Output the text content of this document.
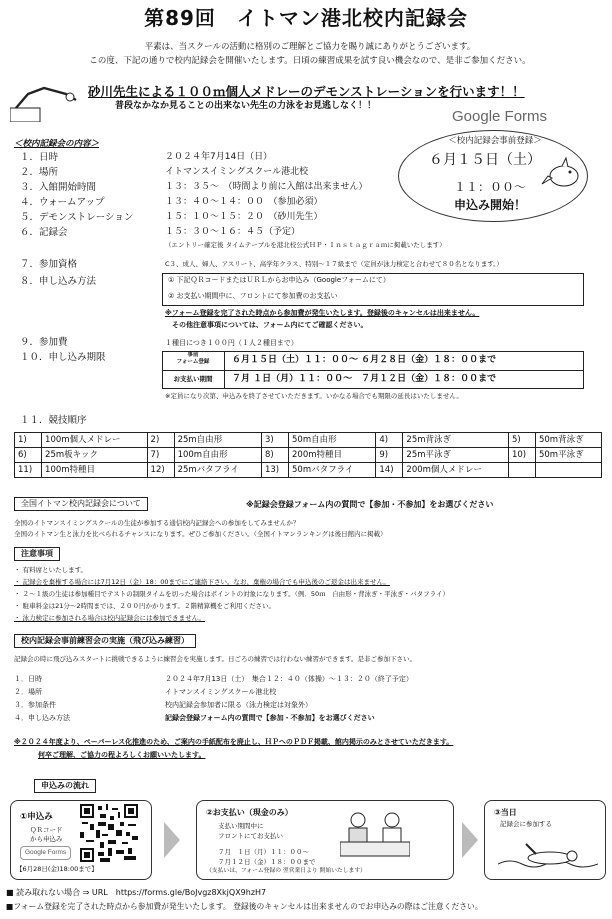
第89回　イトマン港北校内記録会
平素は、当スクールの活動に格別のご理解とご協力を賜り誠にありがとうございます。
この度、下記の通りで校内記録会を開催いたします。日頃の練習成果を試す良い機会なので、是非ご参加ください。
砂川先生による１００ｍ個人メドレーのデモンストレーションを行います！！
普段なかなか見ることの出来ない先生の力泳をお見逃しなく！！
Google Forms
＜校内記録会事前登録＞
６月１５日（土）
１１：００～
申込み開始！
＜校内記録会の内容＞
１．日時	２０２４年7月14日（日）
２．場所	イトマンスイミングスクール港北校
３．入館開始時間	１３：３５～　（時間より前に入館は出来ません）
４．ウォームアップ	１３：４０～１４：００　（参加必須）
５．デモンストレーション	１５：１０～１５：２０　（砂川先生）
６．記録会	１５：３０～１６：４５（予定）
（エントリー確定後 タイムテーブルを港北校公式ＨＰ・Ｉｎｓｔａｇｒａｍに掲載いたします）
７．参加資格	C３、成人、婦人、アスリート、高学年クラス、特別～１７級まで（定員が泳力検定と合わせて８０名となります。）
８．申し込み方法	① 下記ＱＲコードまたはＵＲＬからお申込み（Googleフォームにて）
② お支払い期間中に、フロントにて参加費のお支払い
※フォーム登録を完了された時点から参加費が発生いたします。登録後のキャンセルは出来ません。
その他注意事項については、フォーム内にてご確認ください。
９．参加費	１種目につき１００円（１人２種目まで）
１０．申し込み期限	事前
フォーム登録	６月１５日（土）１１：００～ ６月２８日（金）１８：００まで
お支払い期間	７月 １日（月）１１：００～　７月１２日（金）１８：００まで
※定員になり次第、申込みを終了させていただきます。いかなる場合でも期限の延長はいたしません。
１１．競技順序
1)	100m個人メドレー	2)	25m自由形	3)	50m自由形	4)	25m背泳ぎ	5)	50m背泳ぎ
6)	25m板キック	7)	100m自由形	8)	200m特種目	9)	25m平泳ぎ	10)	50m平泳ぎ
11)	100m特種目	12)	25mバタフライ	13)	50mバタフライ	14)	200m個人メドレー		
全国イトマン校内記録会について	※記録会登録フォーム内の質問で【参加・不参加】をお選びください
全国のイトマンスイミングスクールの生徒が参加する通信校内記録会への参加をしてみませんか？
全国のイトマン生と泳力を比べられるチャンスになります。ぜひご参加ください。（全国イトマンランキングは後日館内に掲載）
注意事項
・ 有料席といたします。
・ 記録会を棄権する場合には7月12日（金）18：00までにご連絡下さい。なお、棄権の場合でも申込後のご返金は出来ません。
・ ２～１級の生徒は参加種目でテストの制限タイムを切った場合はポイントの対象になります。（例．50ｍ　自由形・背泳ぎ・平泳ぎ・バタフライ）
・ 駐車料金は21分～2時間までは、２００円かかります。２階精算機をご利用ください。
・ 泳力検定に参加される場合は校内記録会には参加できません。
校内記録会事前練習会の実施（飛び込み練習）
記録会の時に飛び込みスタートに挑戦できるように練習会を実施します。日ごろの練習では行わない練習ができます。是非ご参加下さい。
１．日時	２０２４年7月13日（土）　集合１２：４０（体操）～１３：２０（終了予定）
２．場所	イトマンスイミングスクール港北校
３．参加条件	校内記録会参加者に限る（泳力検定は対象外）
４．申し込み方法	記録会登録フォーム内の質問で【参加・不参加】をお選びください
※２０２４年度より、ペーパーレス化推進のため、ご案内の手紙配布を廃止し、ＨＰへのＰＤＦ掲載、館内掲示のみとさせていただきます。
何卒ご理解、ご協力の程よろしくお願いいたします。
申込みの流れ
①申込み
ＱＲコード
から申込み
Google Forms
【6月28日(金)18:00まで】
②お支払い（現金のみ）
支払い期間中に
フロントにてお支払い
７月　１日（月）１１：００～
７月１２日（金）１８：００まで
（支払いは、フォーム登録の 翌営業日より 開始いたします）
③当日
記録会に参加する
■ 読み取れない場合 ⇒ URL　https://forms.gle/BoJvgz8XkjQX9hzH7
■フォーム登録を完了された時点から参加費が発生いたします。 登録後のキャンセルは出来ませんのでお申込みの際はご注意ください。
